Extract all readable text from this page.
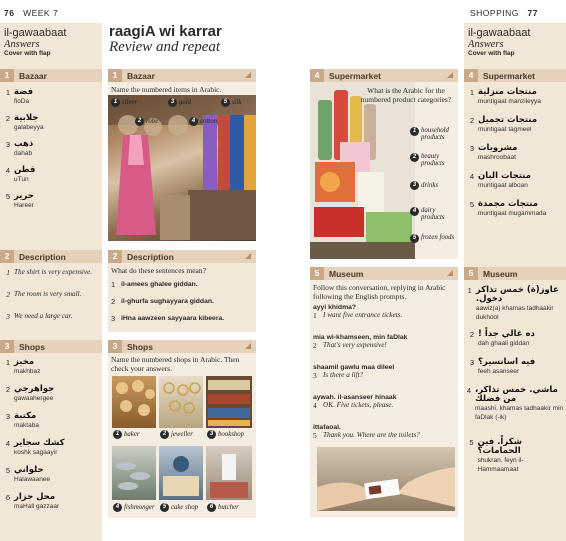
76 WEEK 7	SHOPPING 77
il-gawaabaat
Answers
Cover with flap
1	Bazaar
1 فضة
fioDa
2 جلابية
galabeyya
3 ذهب
dahab
4 قطن
uTun
5 حرير
Hareer
2	Description
1 The shirt is very expensive.
2 The room is very small.
3 We need a large car.
3	Shops
1 مخبز
makhbaz
2 جواهرجي
gawaahergee
3 مكتبة
maktaba
4 كشك سجاير
koshk sagaayir
5 حلواني
Halawaanee
6 محل جزار
maHall gazzaar
raagiA wi karrar
Review and repeat
1	Bazaar
Name the numbered items in Arabic.
1 silver
2 robe
3 gold
4 cotton
5 silk
2	Description
What do these sentences mean?
1 il-amees ghalee giddan.
2 il-ghurfa sughayyara giddan.
3 iHna aawzeen sayyaara kibeera.
3	Shops
Name the numbered shops in Arabic. Then check your answers.
1 baker	2 jeweller	3 bookshop
4 fishmonger	5 cake shop	6 butcher
4	Supermarket
What is the Arabic for the numbered product categories?
1 household products
2 beauty products
3 drinks
4 dairy products
5 frozen foods
5	Museum
Follow this conversation, replying in Arabic following the English prompts.
ayyi khidma?
1 I want five entrance tickets.
mia wi-khamseen, min faDlak
2 That's very expensive!
shaamil gawlu maa dileel
3 Is there a lift?
aywah. il-asanseer hinaak
4 OK. Five tickets, please.
ittafaoal.
5 Thank you. Where are the toilets?
il-gawaabaat
Answers
Cover with flap
4	Supermarket
1 منتجات منزلية
muntigaat manzileyya
2 منتجات تجميل
muntigaat tagmeel
3 مشروبات
mashroobaat
4 منتجات البان
muntigaat alboan
5 منتجات مجمدة
muntigaat mugammada
5	Museum
1 عاوز(ة) خمس تذاكر دخول.
aawiz(a) khamas tadhaakir dukhool
2 ده غالي جداً !
dah ghaali giddan
3 فيه اسانسير؟
feeh asanseer
4 ماشي. خمس تذاكر، من فضلك
maashi. khamas tadhaakir min faDlak (-ik)
5 شكراً. فين الحمامات؟
shukran. feyn il-Hammaamaat
